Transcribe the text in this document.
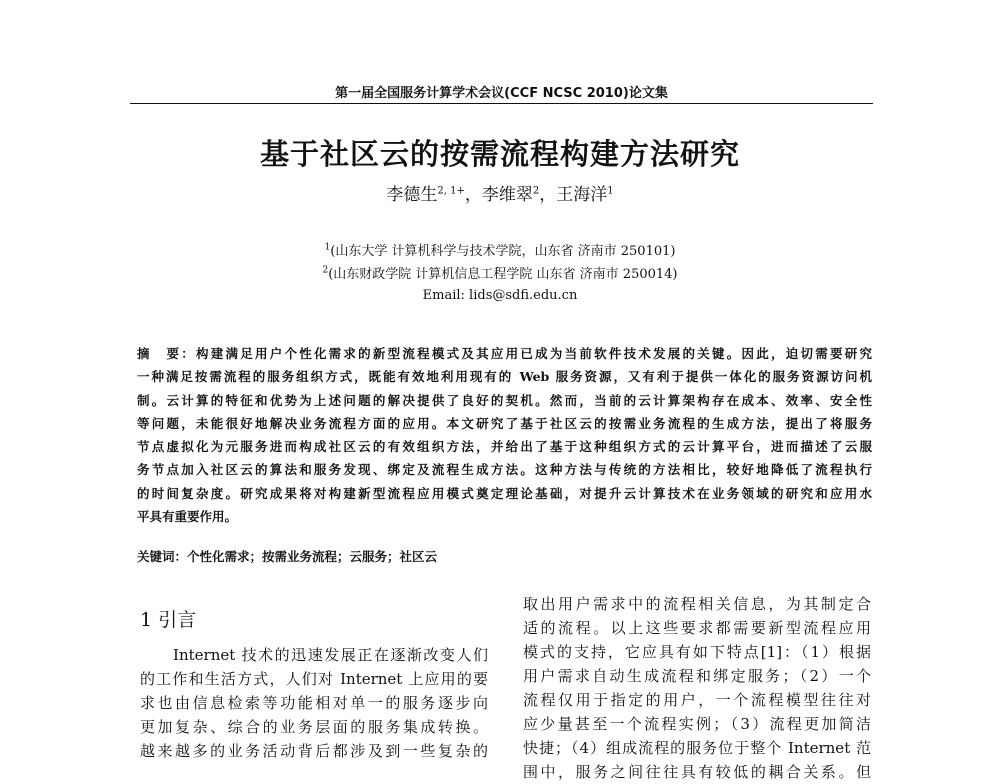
第一届全国服务计算学术会议(CCF NCSC 2010)论文集
基于社区云的按需流程构建方法研究
李德生$^{2, 1+}$，李维翠$^2$，王海洋$^1$
$^1$(山东大学 计算机科学与技术学院，山东省 济南市 250101)
$^2$(山东财政学院 计算机信息工程学院 山东省 济南市 250014)
Email: lids@sdfi.edu.cn
摘　要：构建满足用户个性化需求的新型流程模式及其应用已成为当前软件技术发展的关键。因此，迫切需要研究
一种满足按需流程的服务组织方式，既能有效地利用现有的 Web 服务资源，又有利于提供一体化的服务资源访问机
制。云计算的特征和优势为上述问题的解决提供了良好的契机。然而，当前的云计算架构存在成本、效率、安全性
等问题，未能很好地解决业务流程方面的应用。本文研究了基于社区云的按需业务流程的生成方法，提出了将服务
节点虚拟化为元服务进而构成社区云的有效组织方法，并给出了基于这种组织方式的云计算平台，进而描述了云服
务节点加入社区云的算法和服务发现、绑定及流程生成方法。这种方法与传统的方法相比，较好地降低了流程执行
的时间复杂度。研究成果将对构建新型流程应用模式奠定理论基础，对提升云计算技术在业务领域的研究和应用水
平具有重要作用。
关键词：个性化需求；按需业务流程；云服务；社区云
1 引言
　　Internet 技术的迅速发展正在逐渐改变人们
的工作和生活方式，人们对 Internet 上应用的要
求也由信息检索等功能相对单一的服务逐步向
更加复杂、综合的业务层面的服务集成转换。
越来越多的业务活动背后都涉及到一些复杂的
取出用户需求中的流程相关信息，为其制定合
适的流程。以上这些要求都需要新型流程应用
模式的支持，它应具有如下特点[1]：（1）根据
用户需求自动生成流程和绑定服务；（2）一个
流程仅用于指定的用户，一个流程模型往往对
应少量甚至一个流程实例；（3）流程更加简洁
快捷；（4）组成流程的服务位于整个 Internet 范
围中，服务之间往往具有较低的耦合关系。但
